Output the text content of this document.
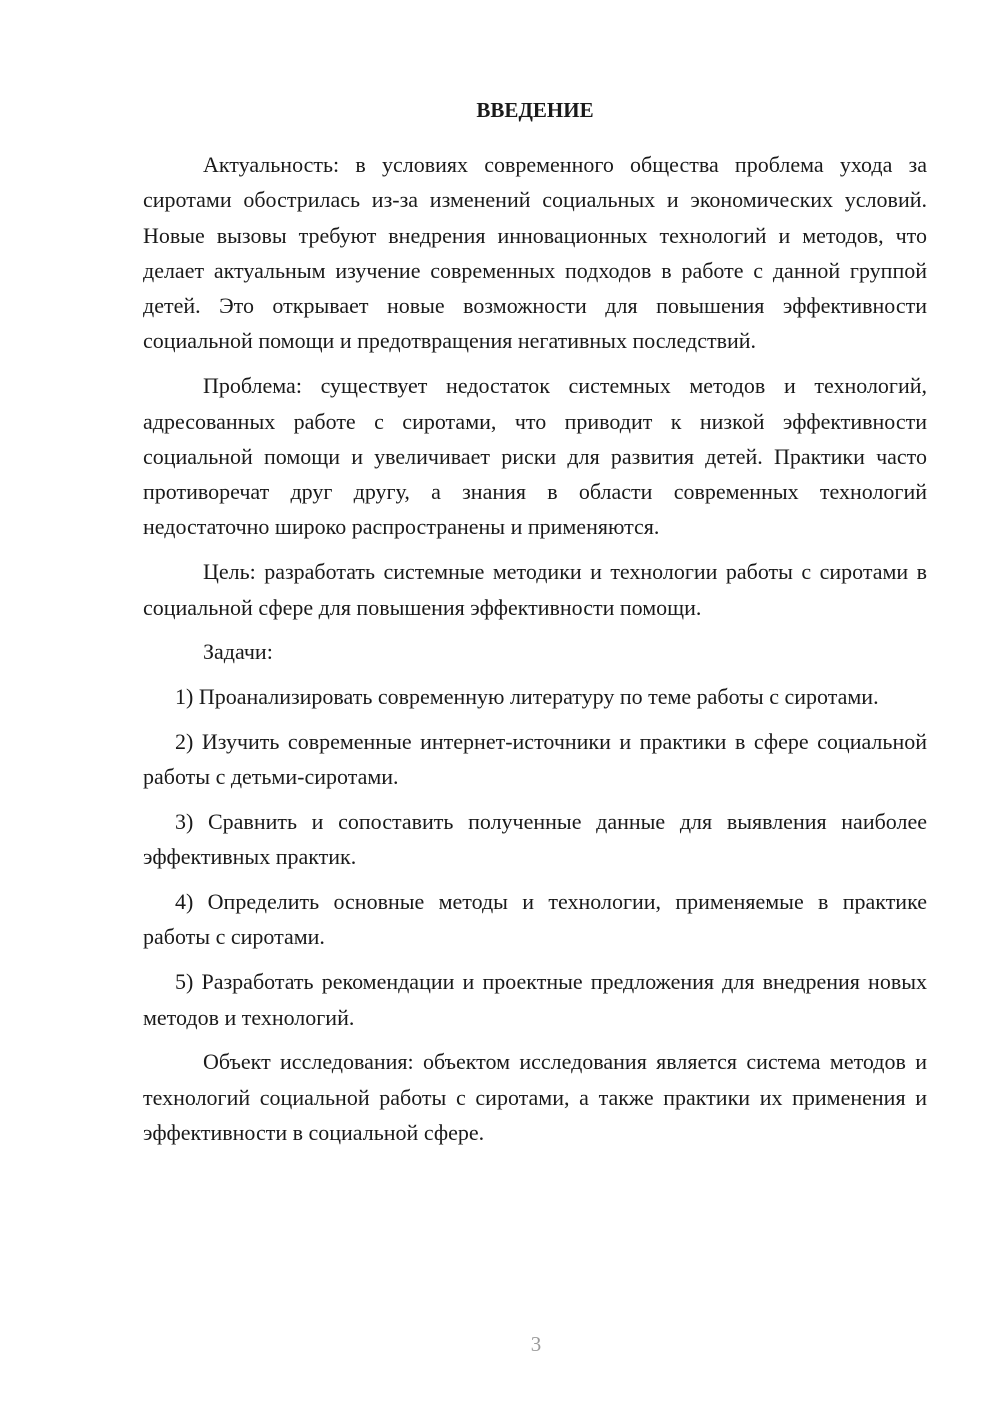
ВВЕДЕНИЕ

Актуальность: в условиях современного общества проблема ухода за сиротами обострилась из-за изменений социальных и экономических условий. Новые вызовы требуют внедрения инновационных технологий и методов, что делает актуальным изучение современных подходов в работе с данной группой детей. Это открывает новые возможности для повышения эффективности социальной помощи и предотвращения негативных последствий.

Проблема: существует недостаток системных методов и технологий, адресованных работе с сиротами, что приводит к низкой эффективности социальной помощи и увеличивает риски для развития детей. Практики часто противоречат друг другу, а знания в области современных технологий недостаточно широко распространены и применяются.

Цель: разработать системные методики и технологии работы с сиротами в социальной сфере для повышения эффективности помощи.

Задачи:

1) Проанализировать современную литературу по теме работы с сиротами.

2) Изучить современные интернет-источники и практики в сфере социальной работы с детьми-сиротами.

3) Сравнить и сопоставить полученные данные для выявления наиболее эффективных практик.

4) Определить основные методы и технологии, применяемые в практике работы с сиротами.

5) Разработать рекомендации и проектные предложения для внедрения новых методов и технологий.

Объект исследования: объектом исследования является система методов и технологий социальной работы с сиротами, а также практики их применения и эффективности в социальной сфере.

3
